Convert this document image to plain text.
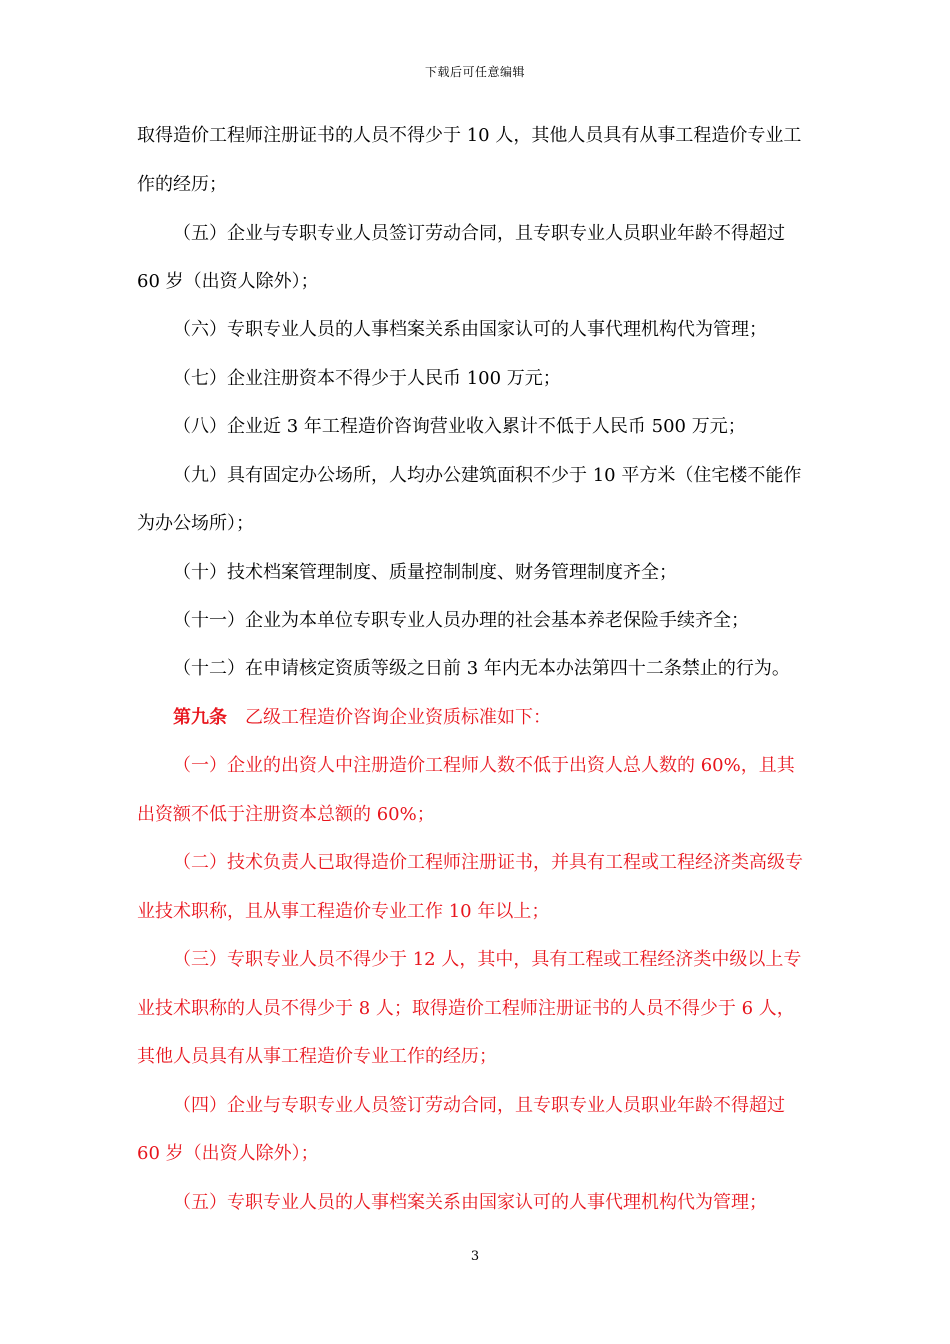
下载后可任意编辑
取得造价工程师注册证书的人员不得少于 10 人，其他人员具有从事工程造价专业工
作的经历；
（五）企业与专职专业人员签订劳动合同，且专职专业人员职业年龄不得超过
60 岁（出资人除外）；
（六）专职专业人员的人事档案关系由国家认可的人事代理机构代为管理；
（七）企业注册资本不得少于人民币 100 万元；
（八）企业近 3 年工程造价咨询营业收入累计不低于人民币 500 万元；
（九）具有固定办公场所，人均办公建筑面积不少于 10 平方米（住宅楼不能作
为办公场所）；
（十）技术档案管理制度、质量控制制度、财务管理制度齐全；
（十一）企业为本单位专职专业人员办理的社会基本养老保险手续齐全；
（十二）在申请核定资质等级之日前 3 年内无本办法第四十二条禁止的行为。
第九条 乙级工程造价咨询企业资质标准如下：
（一）企业的出资人中注册造价工程师人数不低于出资人总人数的 60%，且其
出资额不低于注册资本总额的 60%；
（二）技术负责人已取得造价工程师注册证书，并具有工程或工程经济类高级专
业技术职称，且从事工程造价专业工作 10 年以上；
（三）专职专业人员不得少于 12 人，其中，具有工程或工程经济类中级以上专
业技术职称的人员不得少于 8 人；取得造价工程师注册证书的人员不得少于 6 人，
其他人员具有从事工程造价专业工作的经历；
（四）企业与专职专业人员签订劳动合同，且专职专业人员职业年龄不得超过
60 岁（出资人除外）；
（五）专职专业人员的人事档案关系由国家认可的人事代理机构代为管理；
3
